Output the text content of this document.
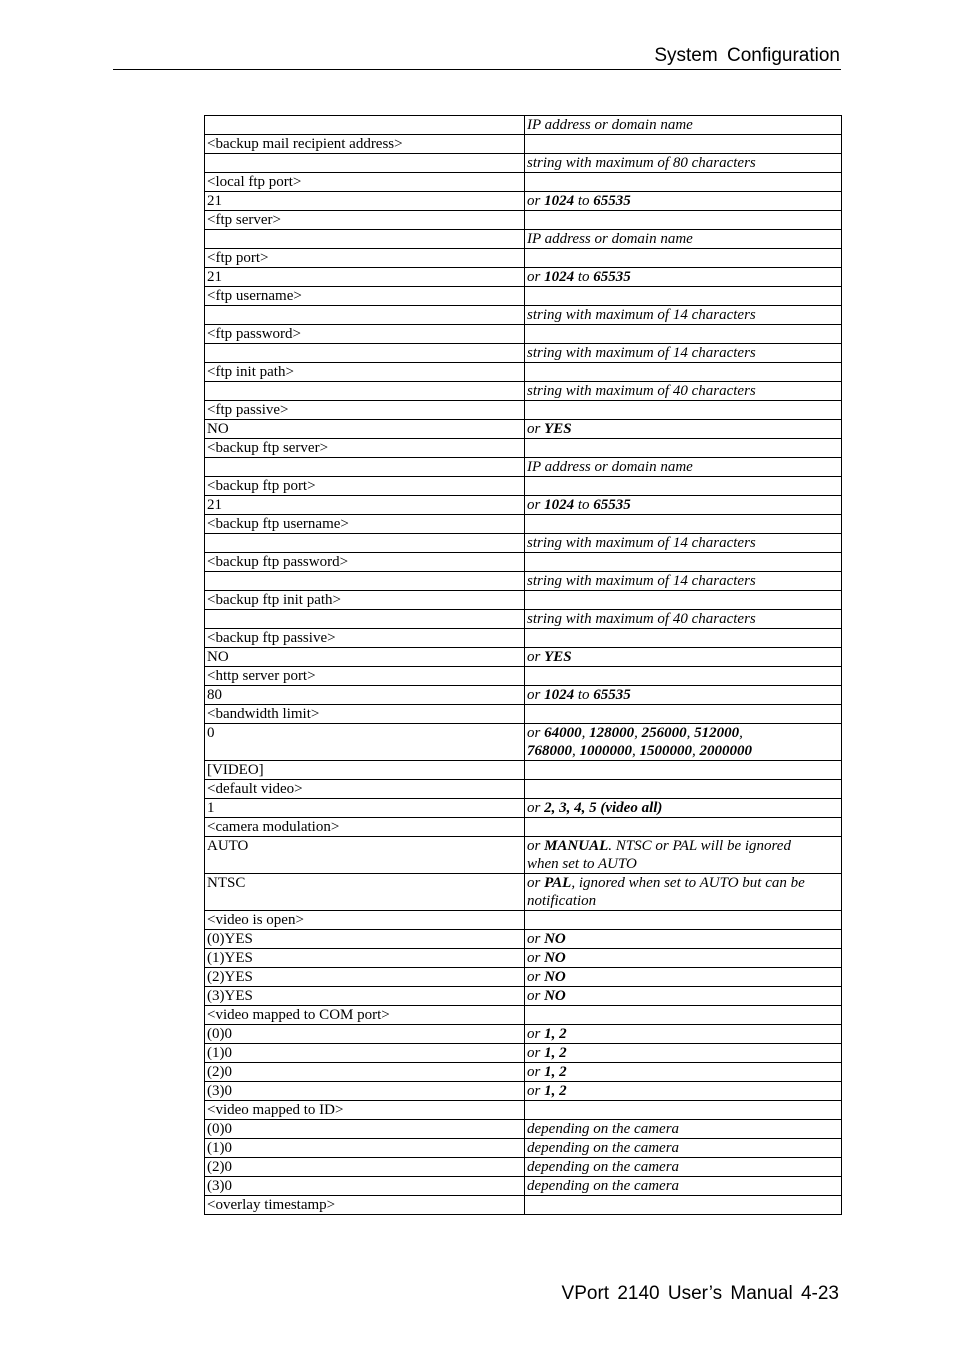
System Configuration
	IP address or domain name
<backup mail recipient address>	
	string with maximum of 80 characters
<local ftp port>	
21	or 1024 to 65535
<ftp server>	
	IP address or domain name
<ftp port>	
21	or 1024 to 65535
<ftp username>	
	string with maximum of 14 characters
<ftp password>	
	string with maximum of 14 characters
<ftp init path>	
	string with maximum of 40 characters
<ftp passive>	
NO	or YES
<backup ftp server>	
	IP address or domain name
<backup ftp port>	
21	or 1024 to 65535
<backup ftp username>	
	string with maximum of 14 characters
<backup ftp password>	
	string with maximum of 14 characters
<backup ftp init path>	
	string with maximum of 40 characters
<backup ftp passive>	
NO	or YES
<http server port>	
80	or 1024 to 65535
<bandwidth limit>	
0	or 64000, 128000, 256000, 512000,
768000, 1000000, 1500000, 2000000
[VIDEO]	
<default video>	
1	or 2, 3, 4, 5 (video all)
<camera modulation>	
AUTO	or MANUAL. NTSC or PAL will be ignored
when set to AUTO
NTSC	or PAL, ignored when set to AUTO but can be
notification
<video is open>	
(0)YES	or NO
(1)YES	or NO
(2)YES	or NO
(3)YES	or NO
<video mapped to COM port>	
(0)0	or 1, 2
(1)0	or 1, 2
(2)0	or 1, 2
(3)0	or 1, 2
<video mapped to ID>	
(0)0	depending on the camera
(1)0	depending on the camera
(2)0	depending on the camera
(3)0	depending on the camera
<overlay timestamp>	
VPort 2140 User’s Manual 4-23
